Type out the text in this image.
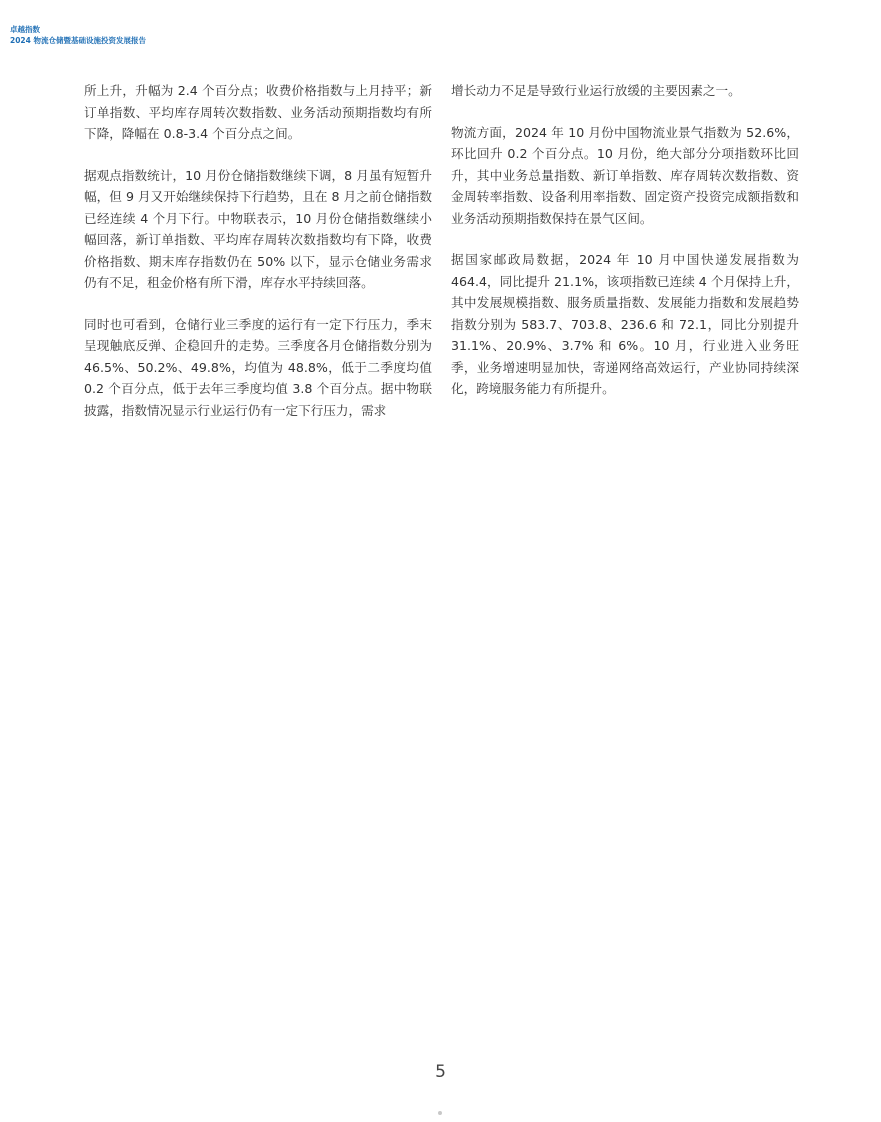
卓越指数
2024 物流仓储暨基础设施投资发展报告

所上升，升幅为 2.4 个百分点；收费价格指数与上月持平；新订单指数、平均库存周转次数指数、业务活动预期指数均有所下降，降幅在 0.8-3.4 个百分点之间。

据观点指数统计，10 月份仓储指数继续下调，8 月虽有短暂升幅，但 9 月又开始继续保持下行趋势，且在 8 月之前仓储指数已经连续 4 个月下行。中物联表示，10 月份仓储指数继续小幅回落，新订单指数、平均库存周转次数指数均有下降，收费价格指数、期末库存指数仍在 50% 以下，显示仓储业务需求仍有不足，租金价格有所下滑，库存水平持续回落。

同时也可看到，仓储行业三季度的运行有一定下行压力，季末呈现触底反弹、企稳回升的走势。三季度各月仓储指数分别为 46.5%、50.2%、49.8%，均值为 48.8%，低于二季度均值 0.2 个百分点，低于去年三季度均值 3.8 个百分点。据中物联披露，指数情况显示行业运行仍有一定下行压力，需求

增长动力不足是导致行业运行放缓的主要因素之一。

物流方面，2024 年 10 月份中国物流业景气指数为 52.6%，环比回升 0.2 个百分点。10 月份，绝大部分分项指数环比回升，其中业务总量指数、新订单指数、库存周转次数指数、资金周转率指数、设备利用率指数、固定资产投资完成额指数和业务活动预期指数保持在景气区间。

据国家邮政局数据，2024 年 10 月中国快递发展指数为 464.4，同比提升 21.1%，该项指数已连续 4 个月保持上升，其中发展规模指数、服务质量指数、发展能力指数和发展趋势指数分别为 583.7、703.8、236.6 和 72.1，同比分别提升 31.1%、20.9%、3.7% 和 6%。10 月，行业进入业务旺季，业务增速明显加快，寄递网络高效运行，产业协同持续深化，跨境服务能力有所提升。

5
